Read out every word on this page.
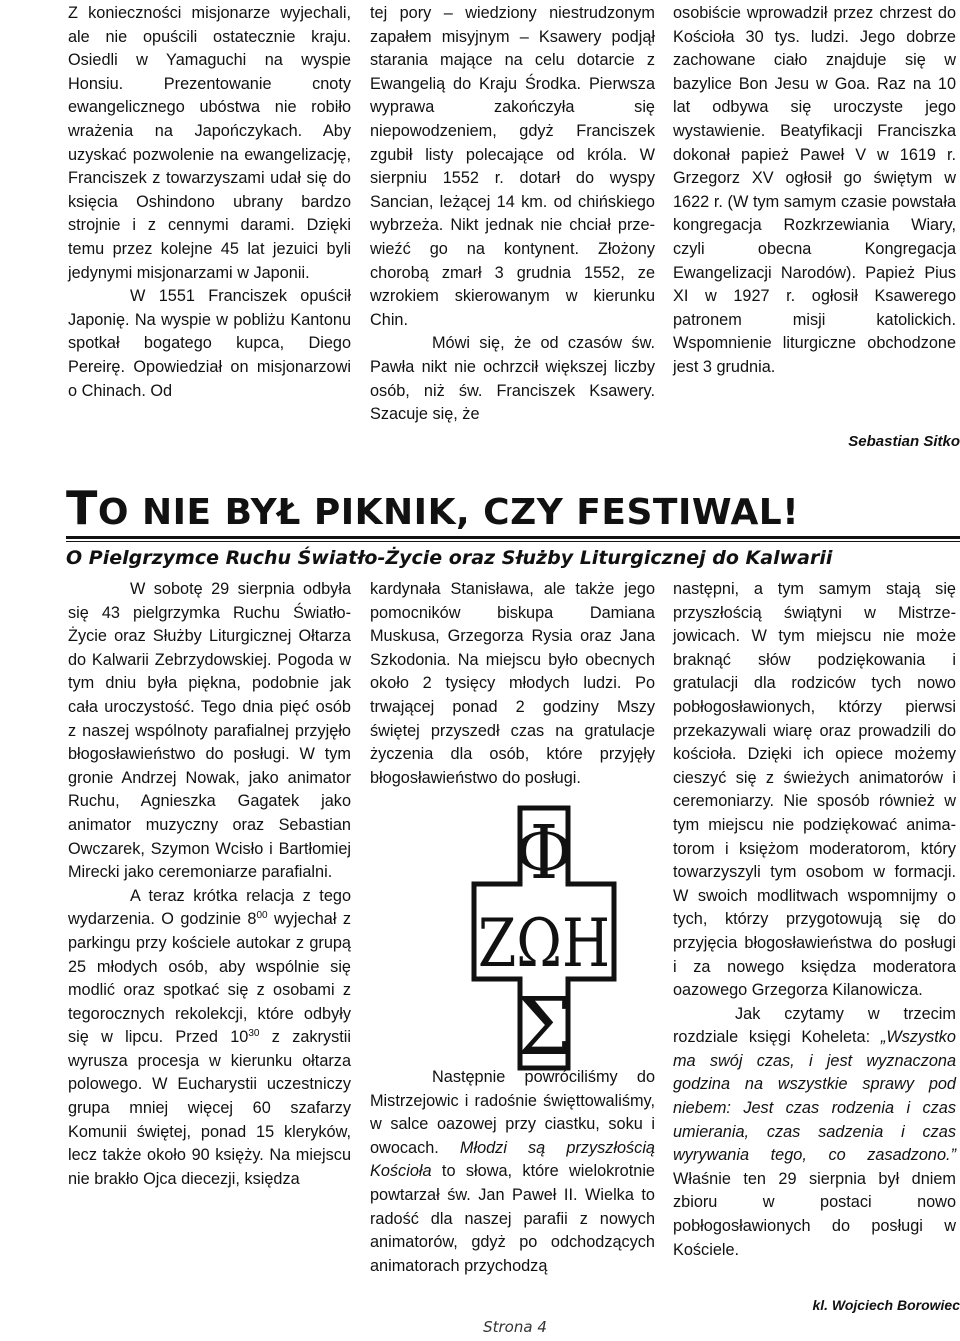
Z konieczności misjonarze wyjechali, ale nie opuścili ostatecznie kraju. Osiedli w Yamaguchi na wyspie Honsiu. Prezentowanie cnoty ewangelicznego ubóstwa nie robiło wrażenia na Japończykach. Aby uzyskać pozwolenie na ewangelizację, Franciszek z towarzyszami udał się do księcia Oshindono ubrany bardzo strojnie i z cennymi darami. Dzięki temu przez kolejne 45 lat jezuici byli jedynymi misjonarzami w Japonii.

W 1551 Franciszek opuścił Japonię. Na wyspie w pobliżu Kantonu spotkał bogatego kupca, Diego Pereirę. Opowiedział on misjonarzowi o Chinach. Od

tej pory – wiedziony niestrudzonym zapałem misyjnym – Ksawery podjął starania mające na celu dotarcie z Ewangelią do Kraju Środka. Pierwsza wyprawa zakończyła się niepowodzeniem, gdyż Franciszek zgubił listy polecające od króla. W sierpniu 1552 r. dotarł do wyspy Sancian, leżącej 14 km. od chińskiego wybrzeża. Nikt jednak nie chciał przewieźć go na kontynent. Złożony chorobą zmarł 3 grudnia 1552, ze wzrokiem skierowanym w kierunku Chin.

Mówi się, że od czasów św. Pawła nikt nie ochrzcił większej liczby osób, niż św. Franciszek Ksawery. Szacuje się, że

osobiście wprowadził przez chrzest do Kościoła 30 tys. ludzi. Jego dobrze zachowane ciało znajduje się w bazylice Bon Jesu w Goa. Raz na 10 lat odbywa się uroczyste jego wystawienie. Beatyfikacji Franciszka dokonał papież Paweł V w 1619 r. Grzegorz XV ogłosił go świętym w 1622 r. (W tym samym czasie powstała kongregacja Rozkrzewiania Wiary, czyli obecna Kongregacja Ewangelizacji Narodów). Papież Pius XI w 1927 r. ogłosił Ksawerego patronem misji katolickich. Wspomnienie liturgiczne obchodzone jest 3 grudnia.

Sebastian Sitko
TO NIE BYŁ PIKNIK, CZY FESTIWAL!
O Pielgrzymce Ruchu Światło-Życie oraz Służby Liturgicznej do Kalwarii

W sobotę 29 sierpnia odbyła się 43 pielgrzymka Ruchu Światło-Życie oraz Służby Liturgicznej Ołtarza do Kalwarii Zebrzydowskiej. Pogoda w tym dniu była piękna, podobnie jak cała uroczystość. Tego dnia pięć osób z naszej wspólnoty parafialnej przyjęło błogosławieństwo do posługi. W tym gronie Andrzej Nowak, jako animator Ruchu, Agnieszka Gagatek jako animator muzyczny oraz Sebastian Owczarek, Szymon Wcisło i Bartłomiej Mirecki jako ceremoniarze parafialni.

A teraz krótka relacja z tego wydarzenia. O godzinie $8^{00}$ wyjechał z parkingu przy kościele autokar z grupą 25 młodych osób, aby wspólnie się modlić oraz spotkać się z osobami z tegorocznych rekolekcji, które odbyły się w lipcu. Przed $10^{30}$ z zakrystii wyrusza procesja w kierunku ołtarza polowego. W Eucharystii uczestniczy grupa mniej więcej 60 szafarzy Komunii świętej, ponad 15 kleryków, lecz także około 90 księży. Na miejscu nie brakło Ojca diecezji, księdza

kardynała Stanisława, ale także jego pomocników biskupa Damiana Muskusa, Grzegorza Rysia oraz Jana Szkodonia. Na miejscu było obecnych około 2 tysięcy młodych ludzi. Po trwającej ponad 2 godziny Mszy świętej przyszedł czas na gratulacje życzenia dla osób, które przyjęły błogosławieństwo do posługi.

Φ
ΖΩΗ
Σ

Następnie powróciliśmy do Mistrzejowic i radośnie święttowaliśmy, w salce oazowej przy ciastku, soku i owocach. Młodzi są przyszłością Kościoła to słowa, które wielokrotnie powtarzał św. Jan Paweł II. Wielka to radość dla naszej parafii z nowych animatorów, gdyż po odchodzących animatorach przychodzą

następni, a tym samym stają się przyszłością świątyni w Mistrzejowicach. W tym miejscu nie może braknąć słów podziękowania i gratulacji dla rodziców tych nowo pobłogosławionych, którzy pierwsi przekazywali wiarę oraz prowadzili do kościoła. Dzięki ich opiece możemy cieszyć się z świeżych animatorów i ceremoniarzy. Nie sposób również w tym miejscu nie podziękować animatorom i księżom moderatorom, który towarzyszyli tym osobom w formacji. W swoich modlitwach wspomnijmy o tych, którzy przygotowują się do przyjęcia błogosławieństwa do posługi i za nowego księdza moderatora oazowego Grzegorza Kilanowicza.

Jak czytamy w trzecim rozdziale księgi Koheleta: „Wszystko ma swój czas, i jest wyznaczona godzina na wszystkie sprawy pod niebem: Jest czas rodzenia i czas umierania, czas sadzenia i czas wyrywania tego, co zasadzono.” Właśnie ten 29 sierpnia był dniem zbioru w postaci nowo pobłogosławionych do posługi w Kościele.

kl. Wojciech Borowiec
Strona 4
